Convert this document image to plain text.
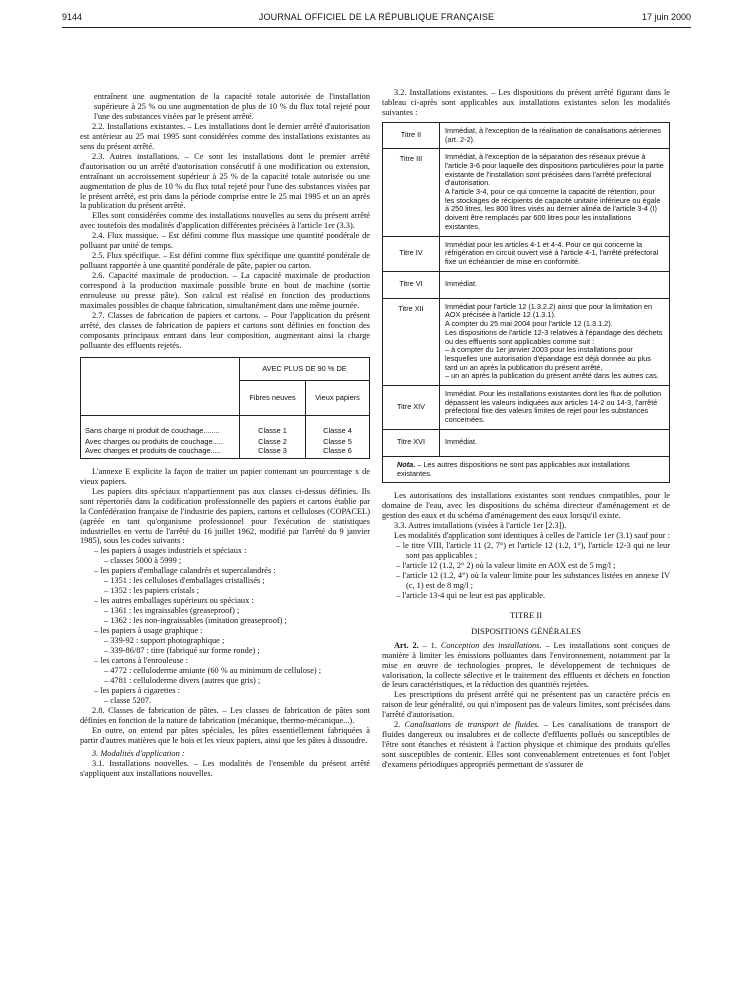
9144	JOURNAL OFFICIEL DE LA RÉPUBLIQUE FRANÇAISE	17 juin 2000

entraînent une augmentation de la capacité totale autorisée de l'installation supérieure à 25 % ou une augmentation de plus de 10 % du flux total rejeté pour l'une des substances visées par le présent arrêté.

2.2. Installations existantes. – Les installations dont le dernier arrêté d'autorisation est antérieur au 25 mai 1995 sont considérées comme des installations existantes au sens du présent arrêté.

2.3. Autres installations. – Ce sont les installations dont le premier arrêté d'autorisation ou un arrêté d'autorisation consécutif à une modification ou extension, entraînant un accroissement supérieur à 25 % de la capacité totale autorisée ou une augmentation de plus de 10 % du flux total rejeté pour l'une des substances visées par le présent arrêté, est pris dans la période comprise entre le 25 mai 1995 et un an après la publication du présent arrêté.

Elles sont considérées comme des installations nouvelles au sens du présent arrêté avec toutefois des modalités d'application différentes précisées à l'article 1er (3.3).

2.4. Flux massique. – Est défini comme flux massique une quantité pondérale de polluant par unité de temps.

2.5. Flux spécifique. – Est défini comme flux spécifique une quantité pondérale de polluant rapportée à une quantité pondérale de pâte, papier ou carton.

2.6. Capacité maximale de production. – La capacité maximale de production correspond à la production maximale possible brute en bout de machine (sortie enrouleuse ou presse pâte). Son calcul est réalisé en fonction des productions maximales possibles de chaque fabrication, simultanément dans une même journée.

2.7. Classes de fabrication de papiers et cartons. – Pour l'application du présent arrêté, des classes de fabrication de papiers et cartons sont définies en fonction des composants principaux entrant dans leur composition, augmentant ainsi la charge polluante des effluents rejetés.

	AVEC PLUS DE 90 % DE	
	Fibres neuves	Vieux papiers
Sans charge ni produit de couchage........	Classe 1	Classe 4
Avec charges ou produits de couchage.....	Classe 2	Classe 5
Avec charges et produits de couchage.....	Classe 3	Classe 6

L'annexe E explicite la façon de traiter un papier contenant un pourcentage x de vieux papiers.

Les papiers dits spéciaux n'appartiennent pas aux classes ci-dessus définies. Ils sont répertoriés dans la codification professionnelle des papiers et cartons établie par la Confédération française de l'industrie des papiers, cartons et celluloses (COPACEL) (agréée en tant qu'organisme professionnel pour l'exécution de statistiques industrielles en vertu de l'arrêté du 16 juillet 1962, modifié par l'arrêté du 9 janvier 1985), sous les codes suivants :

– les papiers à usages industriels et spéciaux :

– classes 5000 à 5999 ;

– les papiers d'emballage calandrés et supercalandrés :

– 1351 : les celluloses d'emballages cristallisés ;

– 1352 : les papiers cristals ;

– les autres emballages supérieurs ou spéciaux :

– 1361 : les ingraissables (greaseproof) ;

– 1362 : les non-ingraissables (imitation greaseproof) ;

– les papiers à usage graphique :

– 339-92 : support photographique ;

– 339-86/87 : titre (fabriqué sur forme ronde) ;

– les cartons à l'enrouleuse :

– 4772 : celluloderme amiante (60 % au minimum de cellulose) ;

– 4781 : celluloderme divers (autres que gris) ;

– les papiers à cigarettes :

– classe 5207.

2.8. Classes de fabrication de pâtes. – Les classes de fabrication de pâtes sont définies en fonction de la nature de fabrication (mécanique, thermo-mécanique...).

En outre, on entend par pâtes spéciales, les pâtes essentiellement fabriquées à partir d'autres matières que le bois et les vieux papiers, ainsi que les pâtes à dissoudre.

3. Modalités d'application :

3.1. Installations nouvelles. – Les modalités de l'ensemble du présent arrêté s'appliquent aux installations nouvelles.

3.2. Installations existantes. – Les dispositions du présent arrêté figurant dans le tableau ci-après sont applicables aux installations existantes selon les modalités suivantes :

Titre II	Immédiat, à l'exception de la réalisation de canalisations aériennes (art. 2-2).

Titre III	Immédiat, à l'exception de la séparation des réseaux prévue à l'article 3-6 pour laquelle des dispositions particulières pour la partie existante de l'installation sont précisées dans l'arrêté préfectoral d'autorisation.
A l'article 3-4, pour ce qui concerne la capacité de rétention, pour les stockages de récipients de capacité unitaire inférieure ou égale à 250 litres, les 800 litres visés au dernier alinéa de l'article 3-4 (I) doivent être remplacés par 600 litres pour les installations existantes.

Titre IV	Immédiat pour les articles 4-1 et 4-4. Pour ce qui concerne la réfrigération en circuit ouvert visé à l'article 4-1, l'arrêté préfectoral fixe un échéancier de mise en conformité.

Titre VI	Immédiat.

Titre XII	Immédiat pour l'article 12 (1.3.2.2) ainsi que pour la limitation en AOX précisée à l'article 12 (1.3.1).
A compter du 25 mai 2004 pour l'article 12 (1.3.1.2).
Les dispositions de l'article 12-3 relatives à l'épandage des déchets ou des effluents sont applicables comme suit :
– à compter du 1er janvier 2003 pour les installations pour lesquelles une autorisation d'épandage est déjà donnée au plus tard un an après la publication du présent arrêté,
– un an après la publication du présent arrêté dans les autres cas.

Titre XIV	Immédiat. Pour les installations existantes dont les flux de pollution dépassent les valeurs indiquées aux articles 14-2 ou 14-3, l'arrêté préfectoral fixe des valeurs limites de rejet pour les substances concernées.

Titre XVI	Immédiat.

Nota. – Les autres dispositions ne sont pas applicables aux installations existantes.	

Les autorisations des installations existantes sont rendues compatibles, pour le domaine de l'eau, avec les dispositions du schéma directeur d'aménagement et de gestion des eaux et du schéma d'aménagement des eaux lorsqu'il existe.

3.3. Autres installations (visées à l'article 1er [2.3]).

Les modalités d'application sont identiques à celles de l'article 1er (3.1) sauf pour :

– le titre VIII, l'article 11 (2, 7°) et l'article 12 (1.2, 1°), l'article 12-3 qui ne leur sont pas applicables ;

– l'article 12 (1.2, 2° 2) où la valeur limite en AOX est de 5 mg/l ;

– l'article 12 (1.2, 4°) où la valeur limite pour les substances listées en annexe IV (c, 1) est de 8 mg/l ;

– l'article 13-4 qui ne leur est pas applicable.

TITRE II
DISPOSITIONS GÉNÉRALES

Art. 2. – 1. Conception des installations. – Les installations sont conçues de manière à limiter les émissions polluantes dans l'environnement, notamment par la mise en œuvre de technologies propres, le développement de techniques de valorisation, la collecte sélective et le traitement des effluents et déchets en fonction de leurs caractéristiques, et la réduction des quantités rejetées.

Les prescriptions du présent arrêté qui ne présentent pas un caractère précis en raison de leur généralité, ou qui n'imposent pas de valeurs limites, sont précisées dans l'arrêté d'autorisation.

2. Canalisations de transport de fluides. – Les canalisations de transport de fluides dangereux ou insalubres et de collecte d'effluents pollués ou susceptibles de l'être sont étanches et résistent à l'action physique et chimique des produits qu'elles sont susceptibles de contenir. Elles sont convenablement entretenues et font l'objet d'examens périodiques appropriés permettant de s'assurer de
